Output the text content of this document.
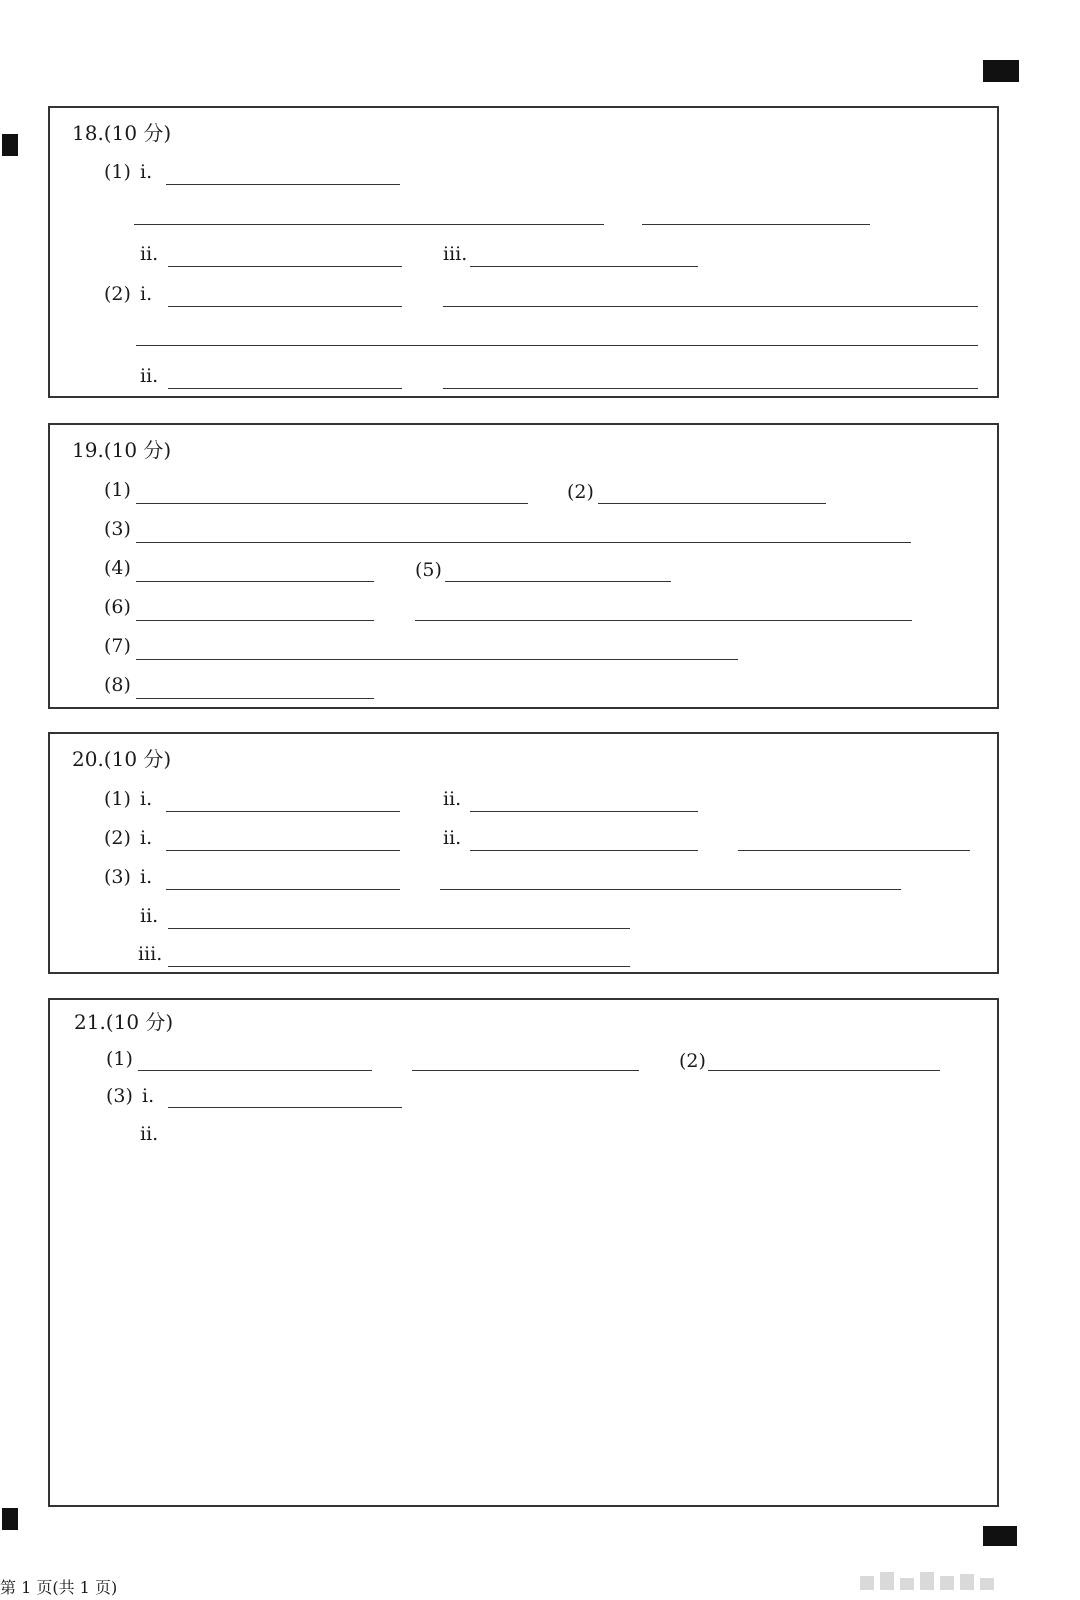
18.(10 分)
(1) ⅰ.
ⅱ.	ⅲ.
(2) ⅰ.
ⅱ.
19.(10 分)
(1)	(2)
(3)
(4)	(5)
(6)
(7)
(8)
20.(10 分)
(1) ⅰ.	ⅱ.
(2) ⅰ.	ⅱ.
(3) ⅰ.
ⅱ.
ⅲ.
21.(10 分)
(1)	(2)
(3) ⅰ.
ⅱ.
第 1 页(共 1 页)
